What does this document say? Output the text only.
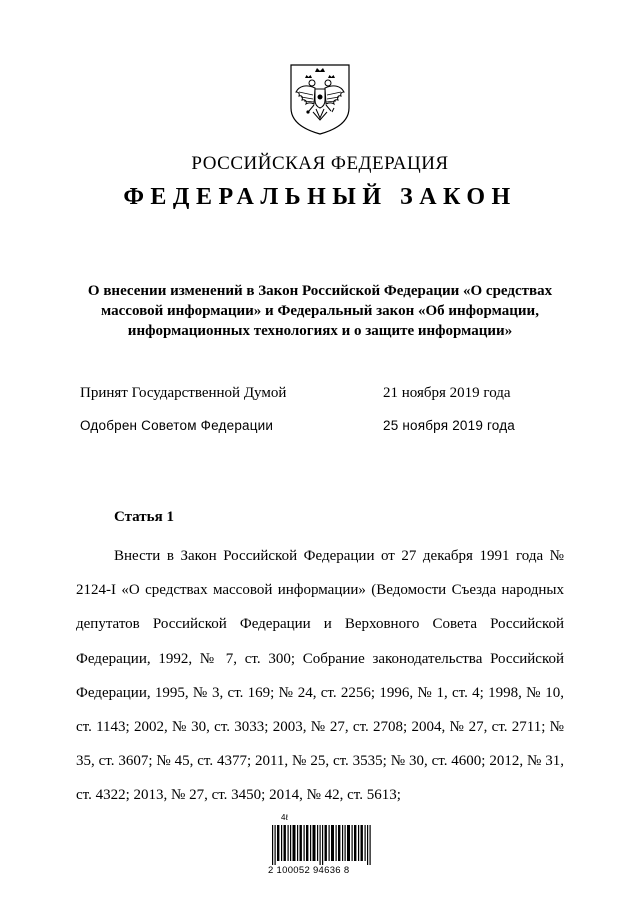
РОССИЙСКАЯ ФЕДЕРАЦИЯ
ФЕДЕРАЛЬНЫЙ ЗАКОН
О внесении изменений в Закон Российской Федерации «О средствах массовой информации» и Федеральный закон «Об информации, информационных технологиях и о защите информации»
Принят Государственной Думой	21 ноября 2019 года
Одобрен Советом Федерации	25 ноября 2019 года
Статья 1
Внести в Закон Российской Федерации от 27 декабря 1991 года № 2124-I «О средствах массовой информации» (Ведомости Съезда народных депутатов Российской Федерации и Верховного Совета Российской Федерации, 1992, № 7, ст. 300; Собрание законодательства Российской Федерации, 1995, № 3, ст. 169; № 24, ст. 2256; 1996, № 1, ст. 4; 1998, № 10, ст. 1143; 2002, № 30, ст. 3033; 2003, № 27, ст. 2708; 2004, № 27, ст. 2711; № 35, ст. 3607; № 45, ст. 4377; 2011, № 25, ст. 3535; № 30, ст. 4600; 2012, № 31, ст. 4322; 2013, № 27, ст. 3450; 2014, № 42, ст. 5613;
4ℓ
2 100052 94636 8
